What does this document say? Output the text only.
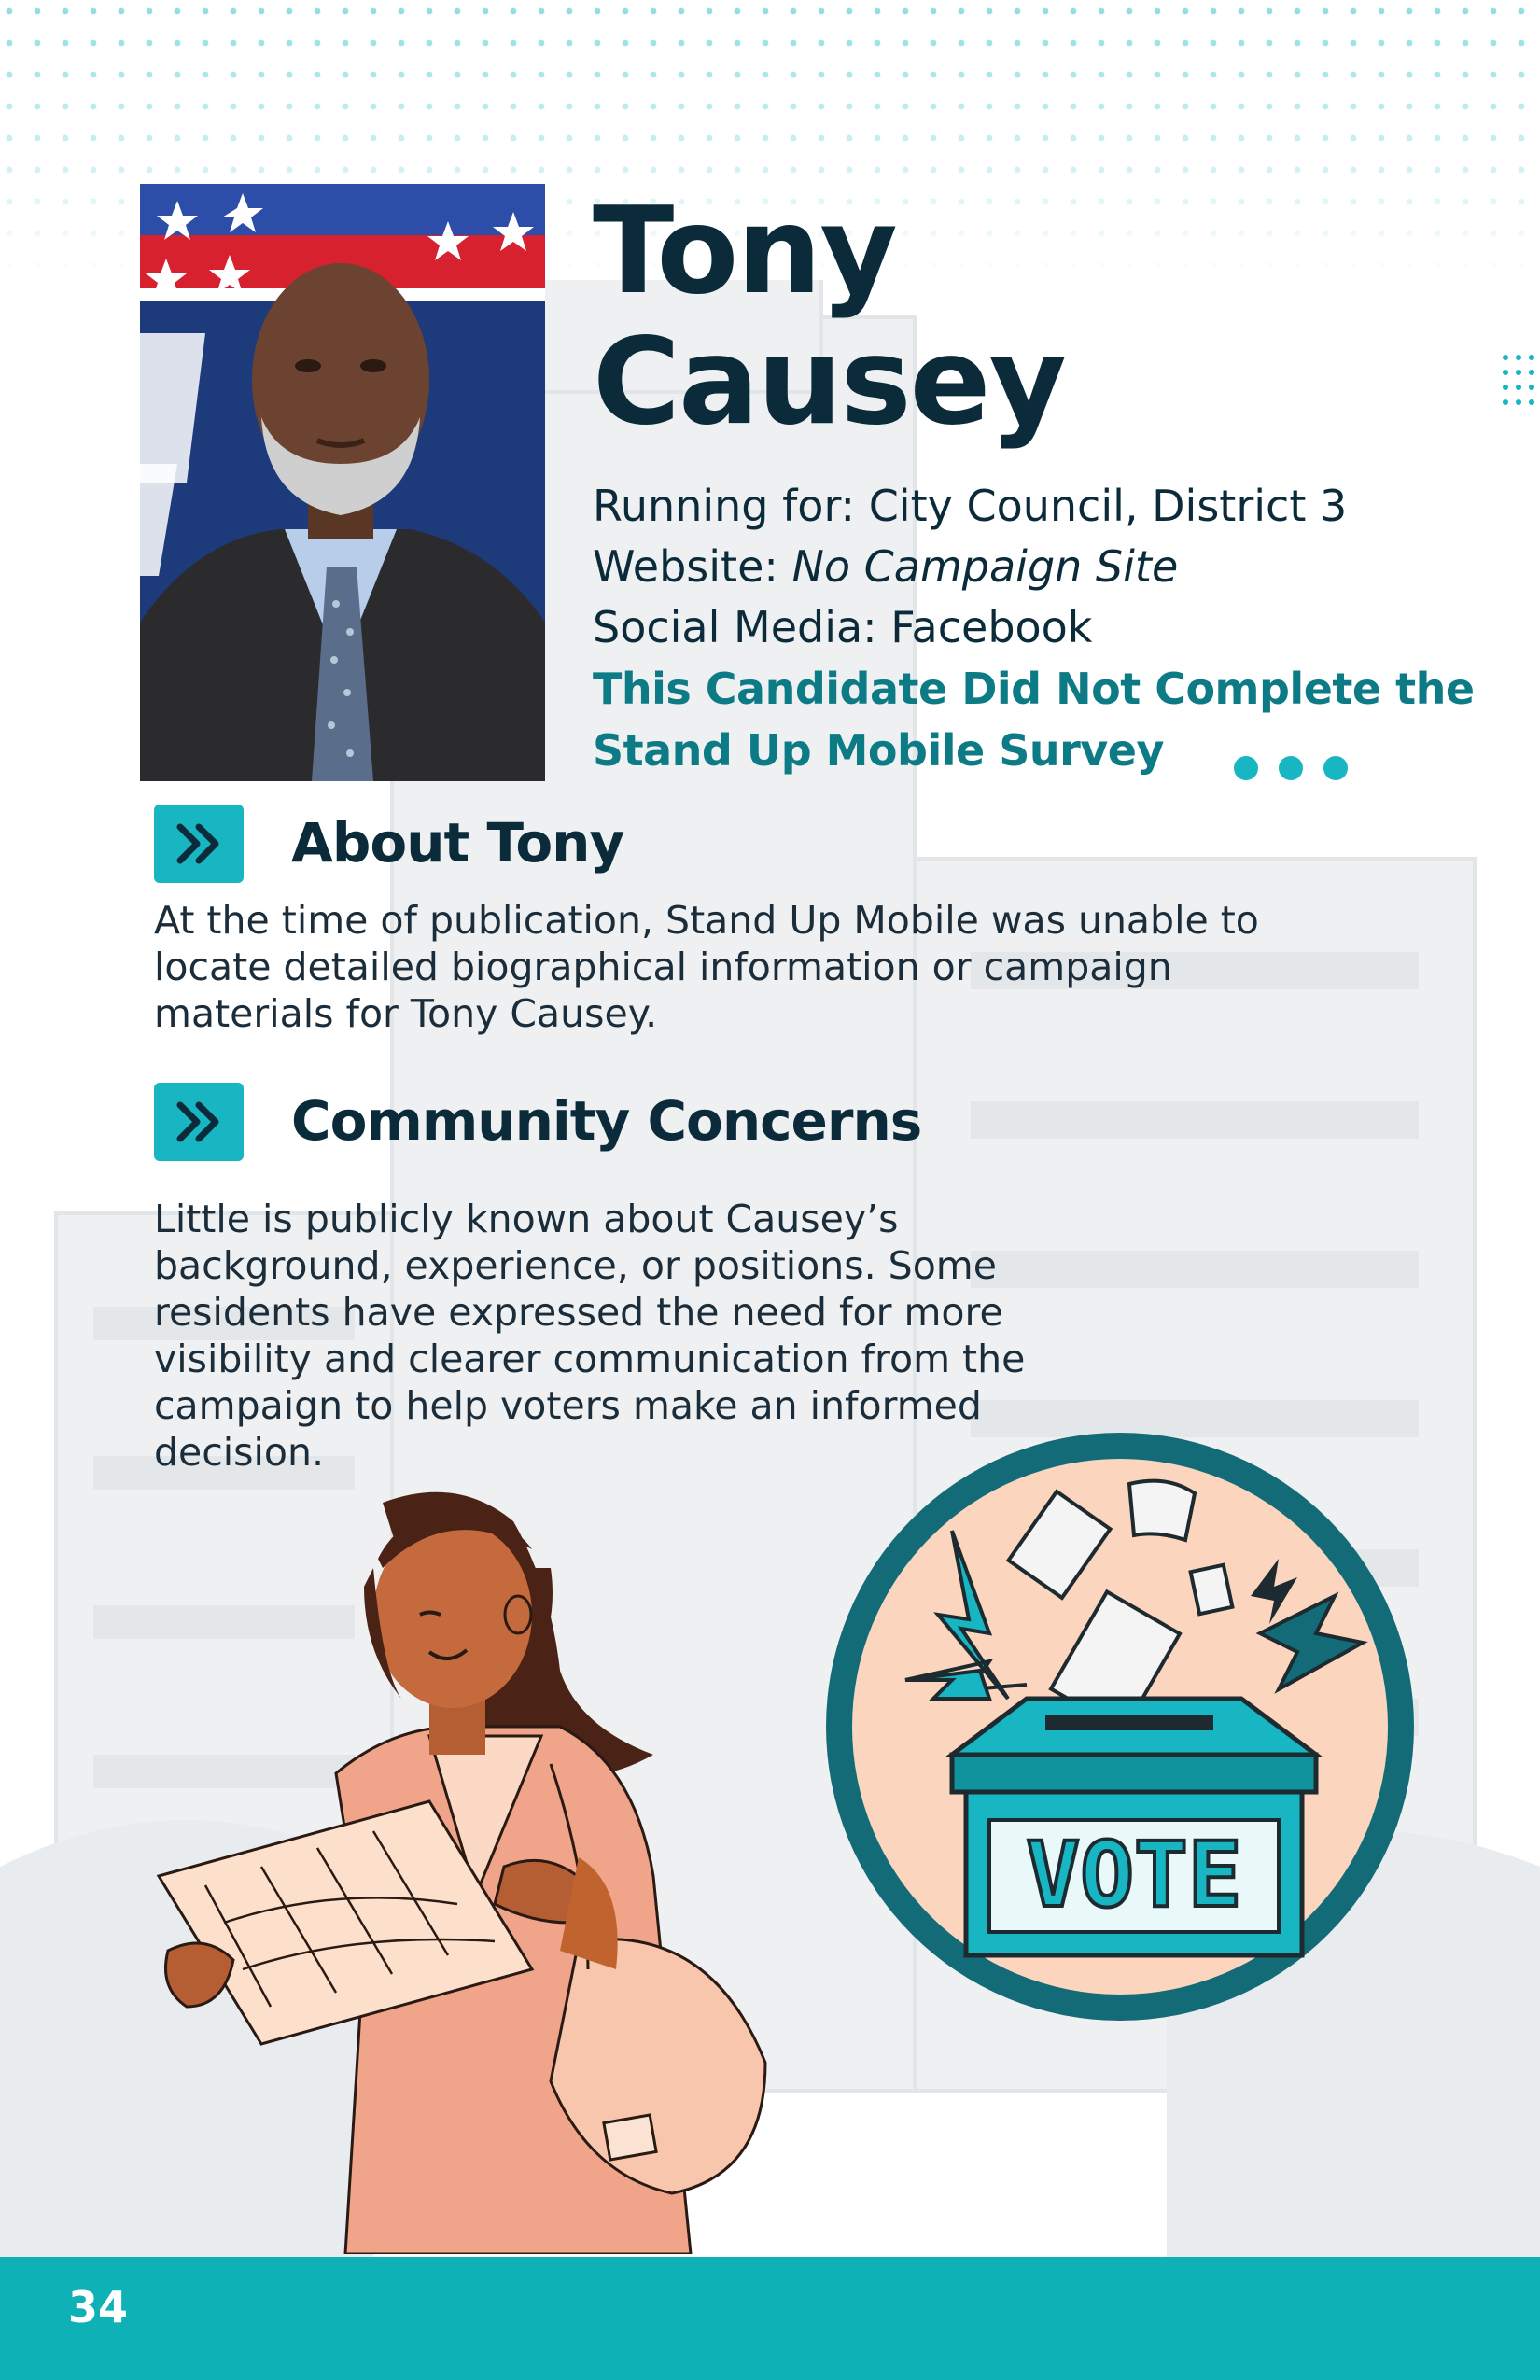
Tony
Causey
Running for: City Council, District 3
Website: No Campaign Site
Social Media: Facebook
This Candidate Did Not Complete the
Stand Up Mobile Survey
About Tony
At the time of publication, Stand Up Mobile was unable to
locate detailed biographical information or campaign
materials for Tony Causey.
Community Concerns
Little is publicly known about Causey’s
background, experience, or positions. Some
residents have expressed the need for more
visibility and clearer communication from the
campaign to help voters make an informed
decision.
VOTE
34
